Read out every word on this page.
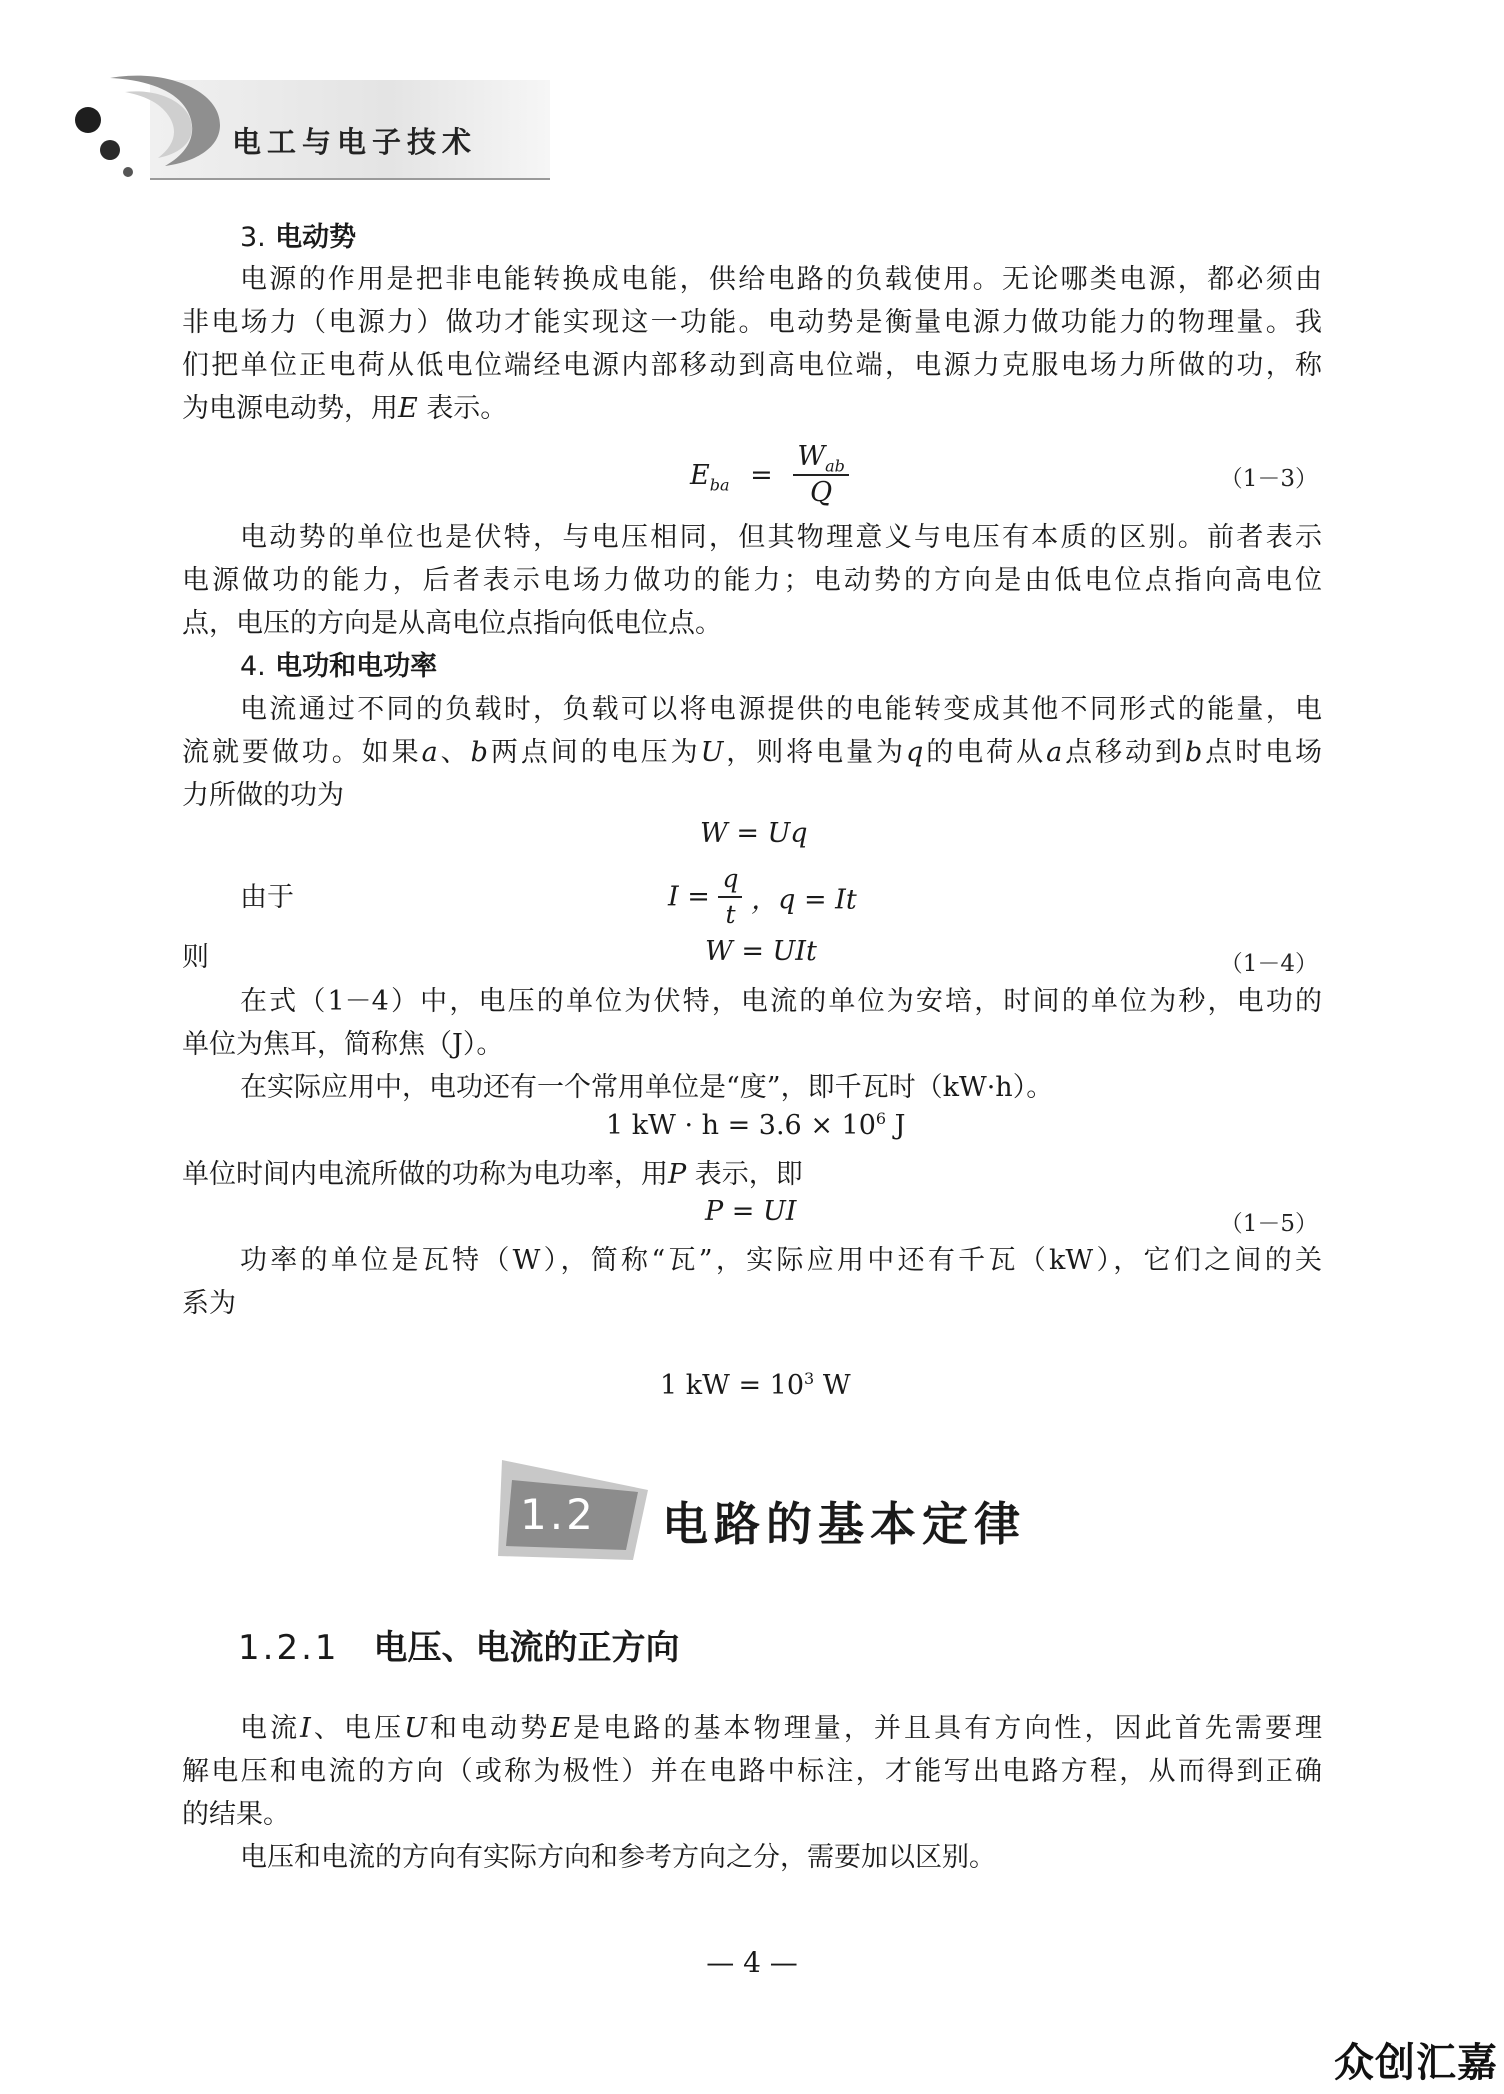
电工与电子技术
3. 电动势
电源的作用是把非电能转换成电能，供给电路的负载使用。无论哪类电源，都必须由
非电场力（电源力）做功才能实现这一功能。电动势是衡量电源力做功能力的物理量。我
们把单位正电荷从低电位端经电源内部移动到高电位端，电源力克服电场力所做的功，称
为电源电动势，用E 表示。
$E_{ba} = \frac{W_{ab}}{Q}$	（1－3）
电动势的单位也是伏特，与电压相同，但其物理意义与电压有本质的区别。前者表示
电源做功的能力，后者表示电场力做功的能力；电动势的方向是由低电位点指向高电位
点，电压的方向是从高电位点指向低电位点。
4. 电功和电功率
电流通过不同的负载时，负载可以将电源提供的电能转变成其他不同形式的能量，电
流就要做功。如果a、b两点间的电压为U，则将电量为q的电荷从a点移动到b点时电场
力所做的功为
W = Uq
由于	$I = \frac{q}{t}$ ，q = It
则	W = UIt	（1－4）
在式（1－4）中，电压的单位为伏特，电流的单位为安培，时间的单位为秒，电功的
单位为焦耳，简称焦（J）。
在实际应用中，电功还有一个常用单位是“度”，即千瓦时（kW·h）。
1 kW · $h = 3.6 \times 10^6$ J
单位时间内电流所做的功称为电功率，用P 表示，即
P = UI	（1－5）
功率的单位是瓦特（W），简称“瓦”，实际应用中还有千瓦（kW），它们之间的关
系为
1 kW = $10^3$ W
1.2 电路的基本定律
1.2.1 电压、电流的正方向
电流I、电压U和电动势E是电路的基本物理量，并且具有方向性，因此首先需要理
解电压和电流的方向（或称为极性）并在电路中标注，才能写出电路方程，从而得到正确
的结果。
电压和电流的方向有实际方向和参考方向之分，需要加以区别。
— 4 —
众创汇嘉
